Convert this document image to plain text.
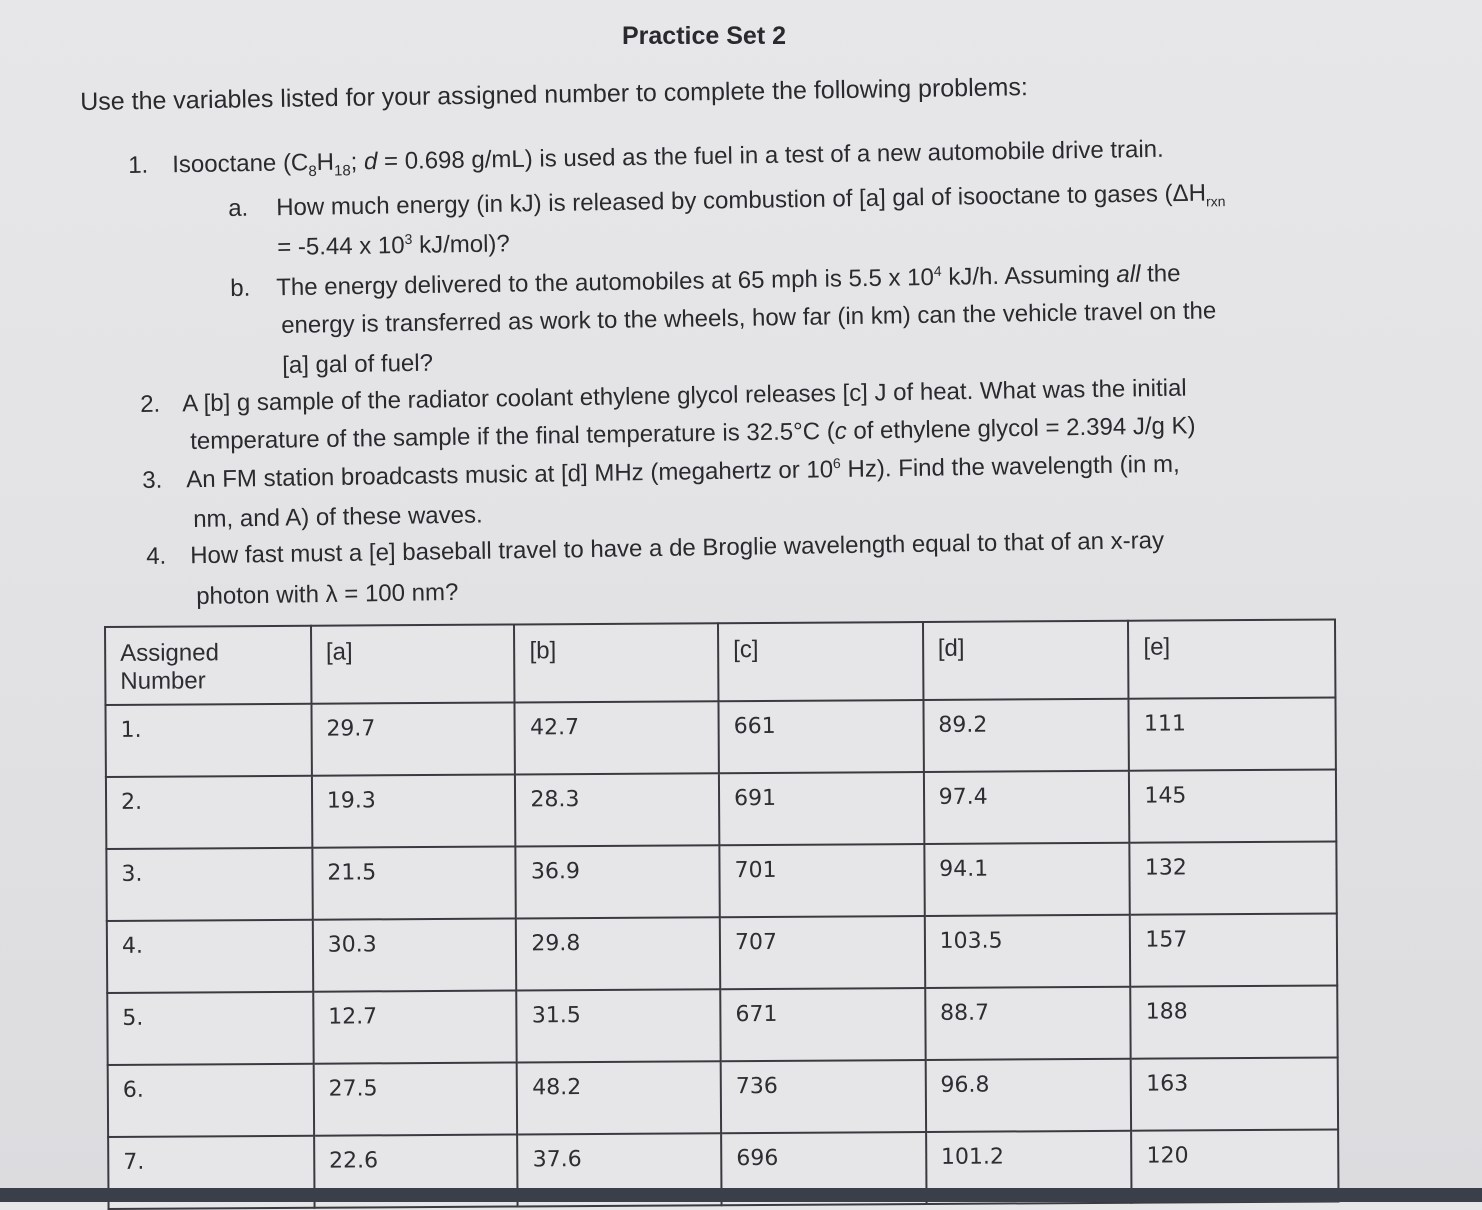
Practice Set 2
Use the variables listed for your assigned number to complete the following problems:
1. Isooctane ($C_8H_{18}$; d = 0.698 g/mL) is used as the fuel in a test of a new automobile drive train.
a. How much energy (in kJ) is released by combustion of [a] gal of isooctane to gases ($\Delta H_{rxn}$
= -5.44 x $10^3$ kJ/mol)?
b. The energy delivered to the automobiles at 65 mph is 5.5 x $10^4$ kJ/h. Assuming all the
energy is transferred as work to the wheels, how far (in km) can the vehicle travel on the
[a] gal of fuel?
2. A [b] g sample of the radiator coolant ethylene glycol releases [c] J of heat. What was the initial
temperature of the sample if the final temperature is 32.5°C (c of ethylene glycol = 2.394 J/g K)
3. An FM station broadcasts music at [d] MHz (megahertz or $10^6$ Hz). Find the wavelength (in m,
nm, and A) of these waves.
4. How fast must a [e] baseball travel to have a de Broglie wavelength equal to that of an x-ray
photon with λ = 100 nm?
Assigned
Number	[a]	[b]	[c]	[d]	[e]
1.	29.7	42.7	661	89.2	111
2.	19.3	28.3	691	97.4	145
3.	21.5	36.9	701	94.1	132
4.	30.3	29.8	707	103.5	157
5.	12.7	31.5	671	88.7	188
6.	27.5	48.2	736	96.8	163
7.	22.6	37.6	696	101.2	120
